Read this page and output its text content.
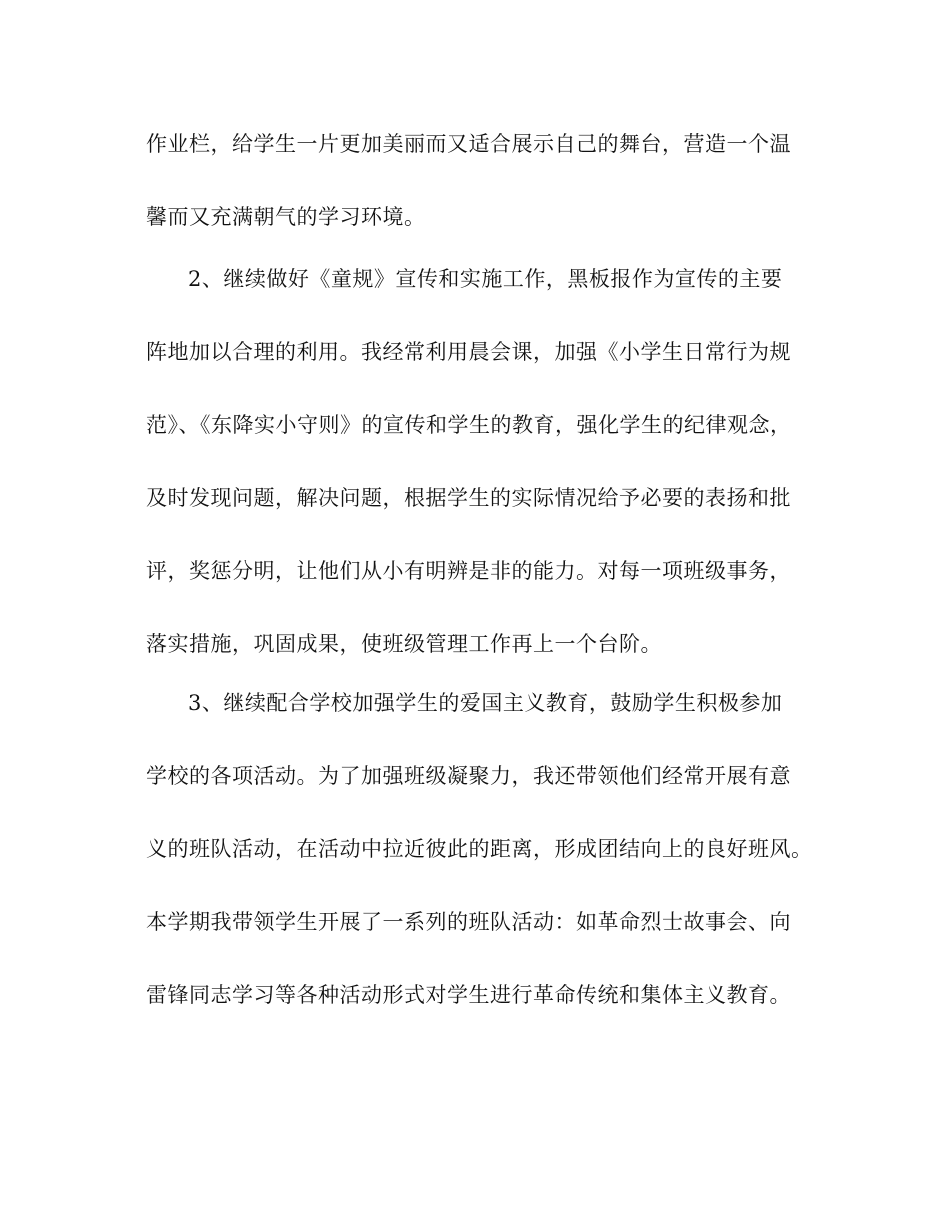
作业栏，给学生一片更加美丽而又适合展示自己的舞台，营造一个温
馨而又充满朝气的学习环境。
2、继续做好《童规》宣传和实施工作，黑板报作为宣传的主要
阵地加以合理的利用。我经常利用晨会课，加强《小学生日常行为规
范》、《东降实小守则》的宣传和学生的教育，强化学生的纪律观念，
及时发现问题，解决问题，根据学生的实际情况给予必要的表扬和批
评，奖惩分明，让他们从小有明辨是非的能力。对每一项班级事务，
落实措施，巩固成果，使班级管理工作再上一个台阶。
3、继续配合学校加强学生的爱国主义教育，鼓励学生积极参加
学校的各项活动。为了加强班级凝聚力，我还带领他们经常开展有意
义的班队活动，在活动中拉近彼此的距离，形成团结向上的良好班风。
本学期我带领学生开展了一系列的班队活动：如革命烈士故事会、向
雷锋同志学习等各种活动形式对学生进行革命传统和集体主义教育。
